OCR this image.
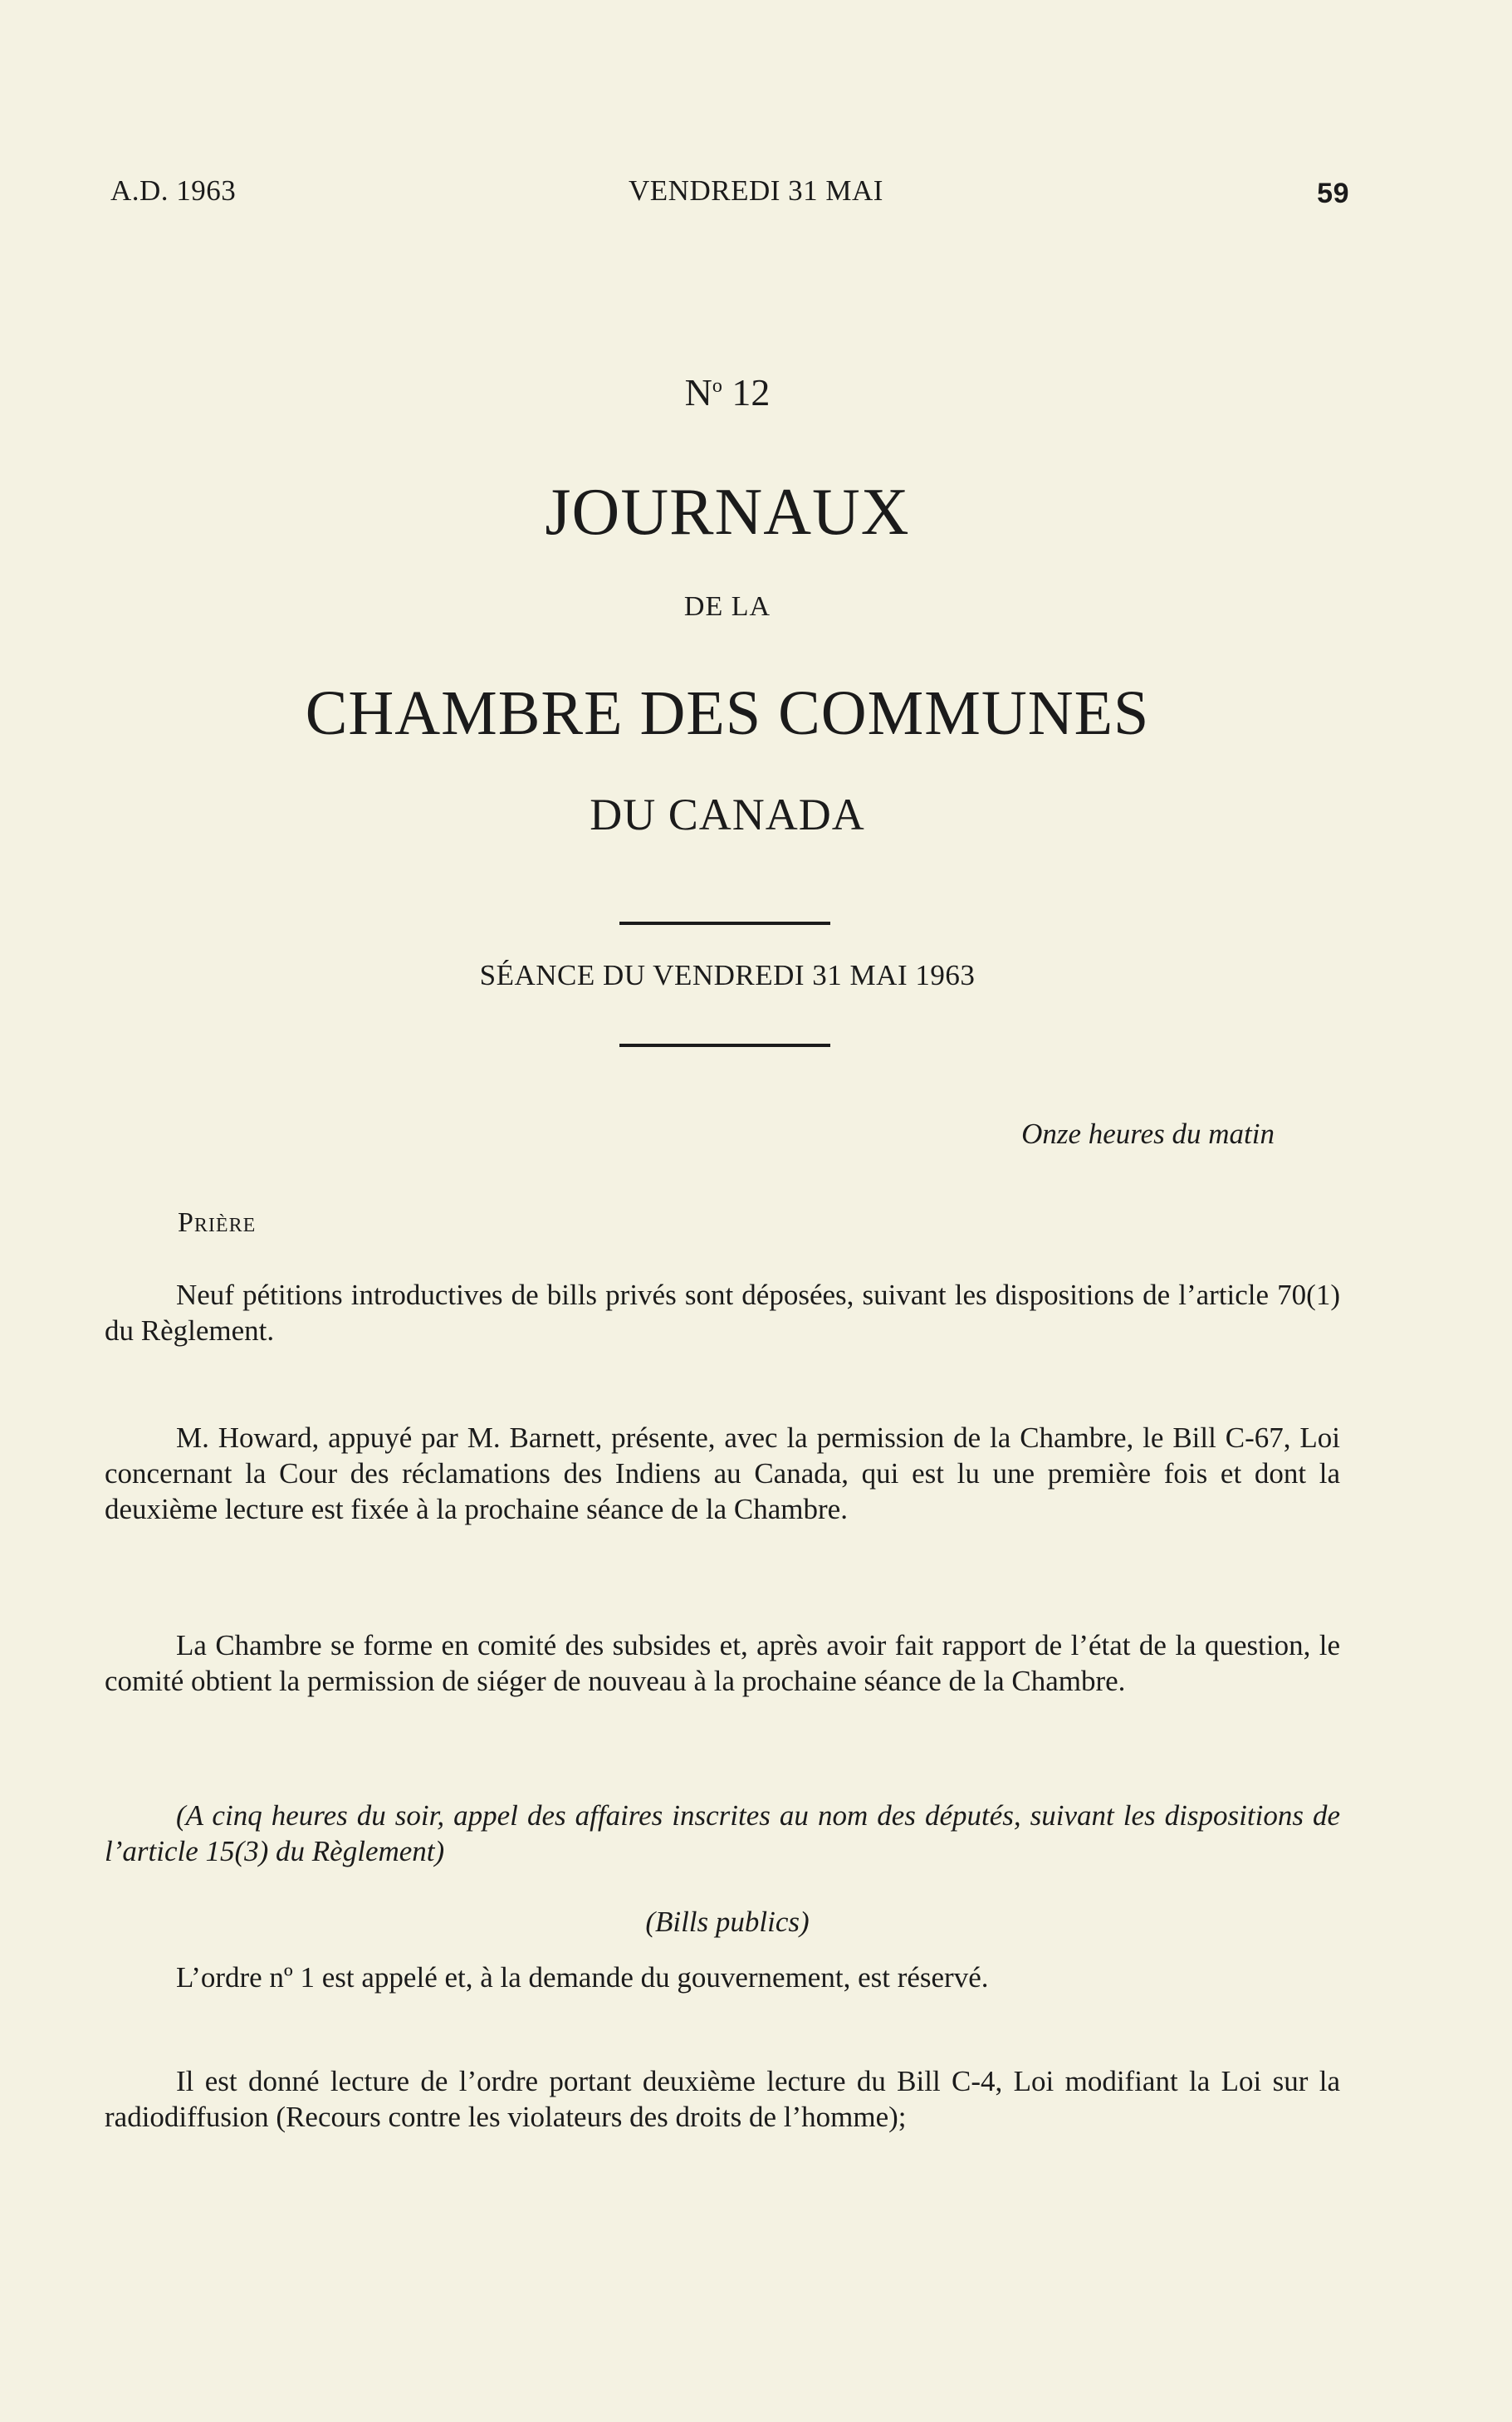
A.D. 1963	VENDREDI 31 MAI	59
$N^o$ 12
JOURNAUX
DE LA
CHAMBRE DES COMMUNES
DU CANADA
SÉANCE DU VENDREDI 31 MAI 1963
Onze heures du matin
Prière
Neuf pétitions introductives de bills privés sont déposées, suivant les dispositions de l’article 70(1) du Règlement.
M. Howard, appuyé par M. Barnett, présente, avec la permission de la Chambre, le Bill C-67, Loi concernant la Cour des réclamations des Indiens au Canada, qui est lu une première fois et dont la deuxième lecture est fixée à la prochaine séance de la Chambre.
La Chambre se forme en comité des subsides et, après avoir fait rapport de l’état de la question, le comité obtient la permission de siéger de nouveau à la prochaine séance de la Chambre.
(A cinq heures du soir, appel des affaires inscrites au nom des députés, suivant les dispositions de l’article 15(3) du Règlement)
(Bills publics)
L’ordre nº 1 est appelé et, à la demande du gouvernement, est réservé.
Il est donné lecture de l’ordre portant deuxième lecture du Bill C-4, Loi modifiant la Loi sur la radiodiffusion (Recours contre les violateurs des droits de l’homme);
